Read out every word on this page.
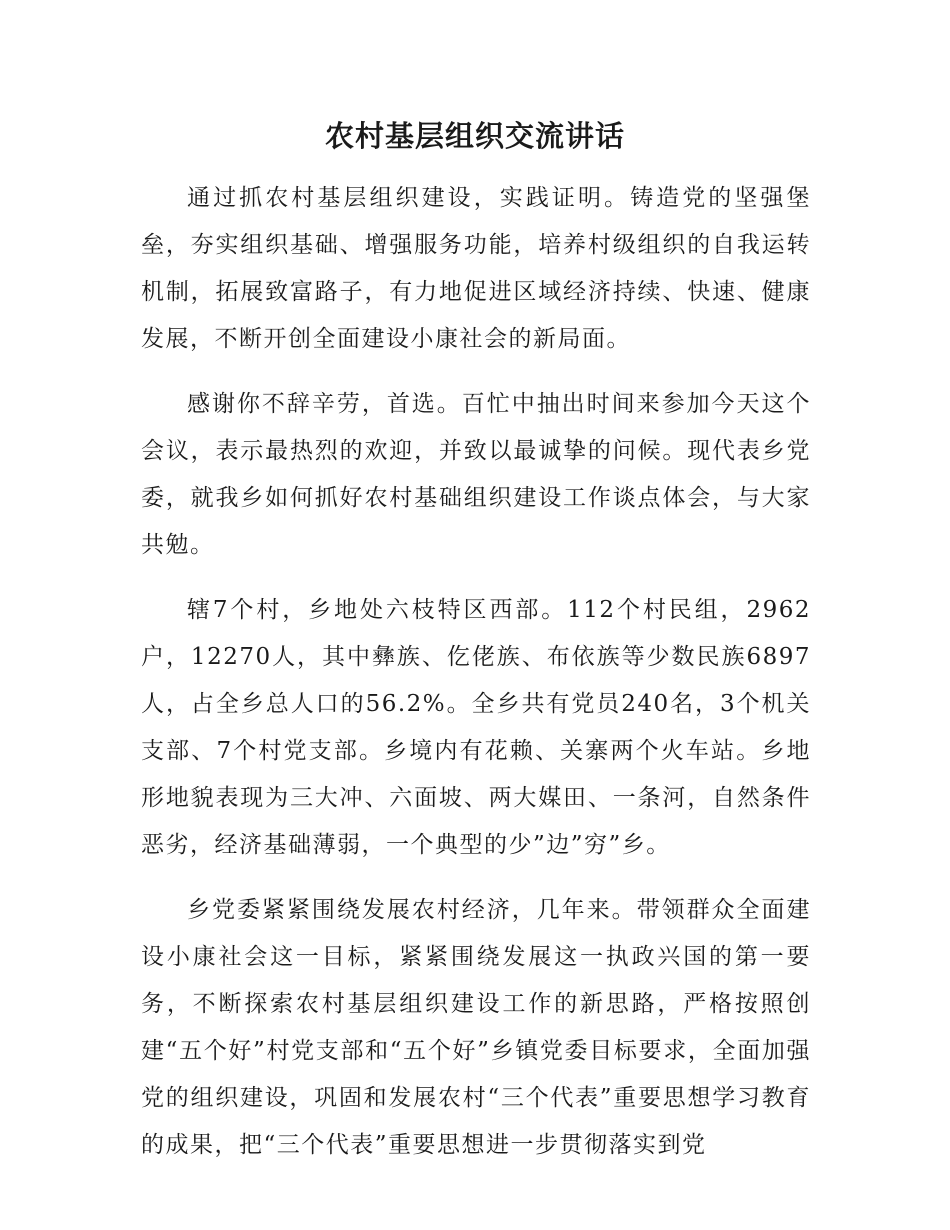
农村基层组织交流讲话

通过抓农村基层组织建设，实践证明。铸造党的坚强堡垒，夯实组织基础、增强服务功能，培养村级组织的自我运转机制，拓展致富路子，有力地促进区域经济持续、快速、健康发展，不断开创全面建设小康社会的新局面。

感谢你不辞辛劳，首选。百忙中抽出时间来参加今天这个会议，表示最热烈的欢迎，并致以最诚挚的问候。现代表乡党委，就我乡如何抓好农村基础组织建设工作谈点体会，与大家共勉。

辖7个村，乡地处六枝特区西部。112个村民组，2962户，12270人，其中彝族、仡佬族、布依族等少数民族6897人，占全乡总人口的56.2%。全乡共有党员240名，3个机关支部、7个村党支部。乡境内有花赖、关寨两个火车站。乡地形地貌表现为三大冲、六面坡、两大媒田、一条河，自然条件恶劣，经济基础薄弱，一个典型的少”边”穷”乡。

乡党委紧紧围绕发展农村经济，几年来。带领群众全面建设小康社会这一目标，紧紧围绕发展这一执政兴国的第一要务，不断探索农村基层组织建设工作的新思路，严格按照创建“五个好”村党支部和“五个好”乡镇党委目标要求，全面加强党的组织建设，巩固和发展农村“三个代表”重要思想学习教育的成果，把“三个代表”重要思想进一步贯彻落实到党
